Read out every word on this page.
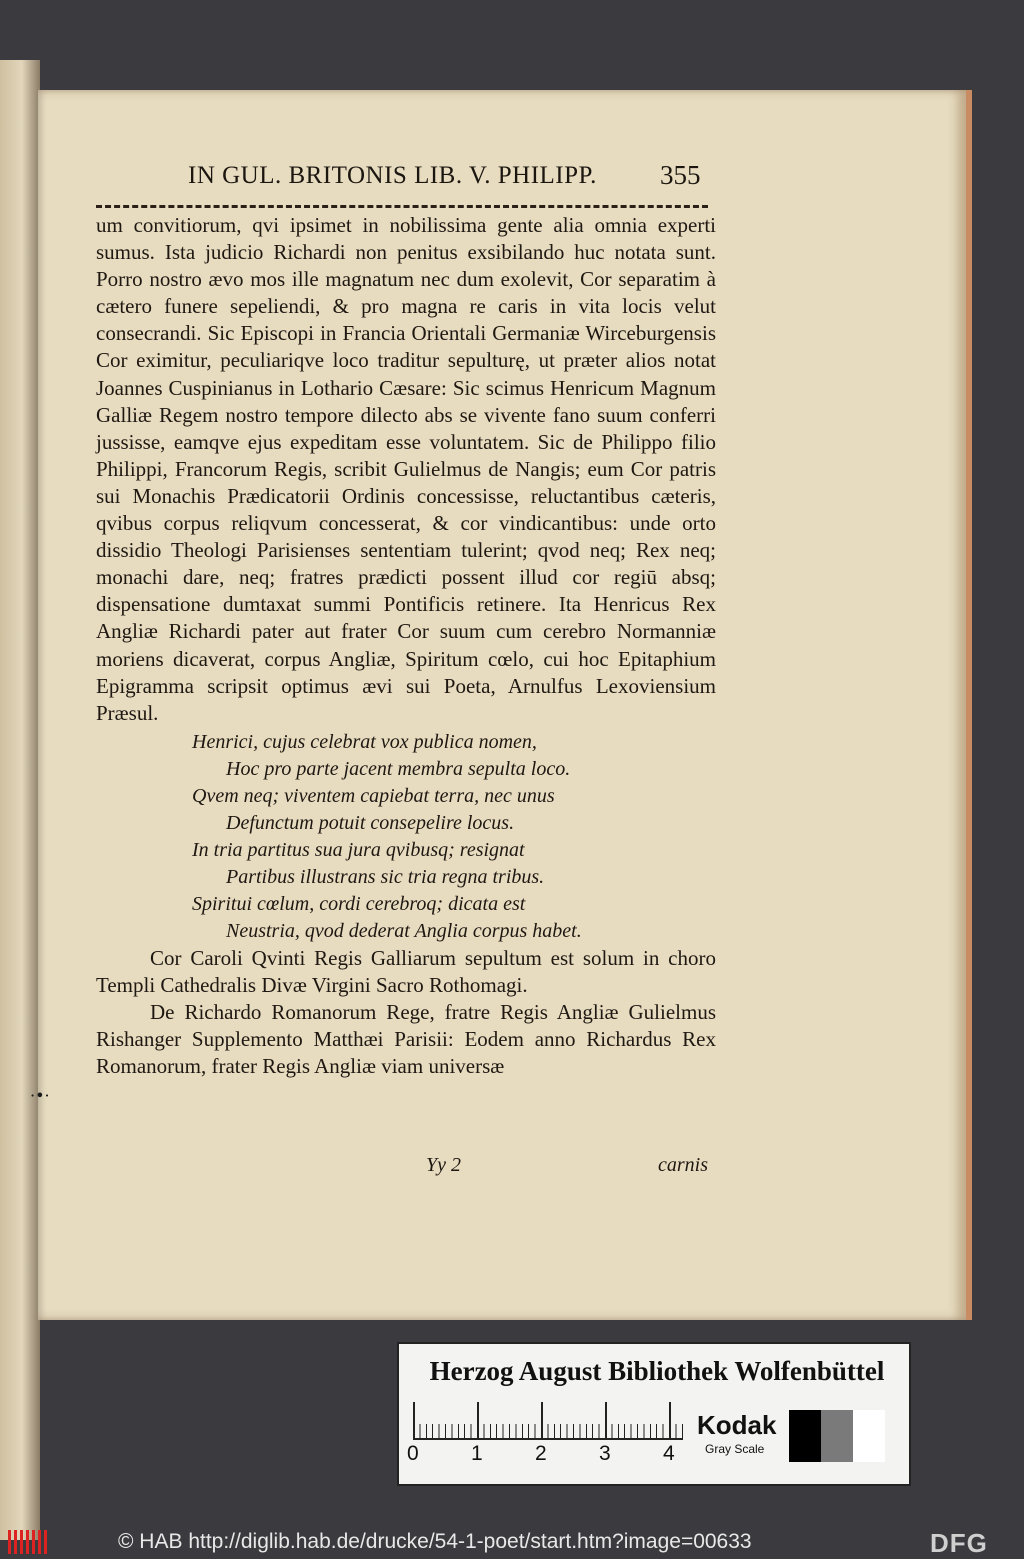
IN GUL. BRITONIS LIB. V. PHILIPP.	355

um convitiorum, qvi ipsimet in nobilissima gente alia omnia experti sumus. Ista judicio Richardi non penitus exsibilando huc notata sunt. Porro nostro ævo mos ille magnatum nec dum exolevit, Cor separatim à cætero funere sepeliendi, & pro magna re caris in vita locis velut consecrandi. Sic Episcopi in Francia Orientali Germaniæ Wirceburgensis Cor eximitur, peculiariqve loco traditur sepulturę, ut præter alios notat Joannes Cuspinianus in Lothario Cæsare: Sic scimus Henricum Magnum Galliæ Regem nostro tempore dilecto abs se vivente fano suum conferri jussisse, eamqve ejus expeditam esse voluntatem. Sic de Philippo filio Philippi, Francorum Regis, scribit Gulielmus de Nangis; eum Cor patris sui Monachis Prædicatorii Ordinis concessisse, reluctantibus cæteris, qvibus corpus reliqvum concesserat, & cor vindicantibus: unde orto dissidio Theologi Parisienses sententiam tulerint; qvod neq; Rex neq; monachi dare, neq; fratres prædicti possent illud cor regiū absq; dispensatione dumtaxat summi Pontificis retinere. Ita Henricus Rex Angliæ Richardi pater aut frater Cor suum cum cerebro Normanniæ moriens dicaverat, corpus Angliæ, Spiritum cœlo, cui hoc Epitaphium Epigramma scripsit optimus ævi sui Poeta, Arnulfus Lexoviensium Præsul.

Henrici, cujus celebrat vox publica nomen,
Hoc pro parte jacent membra sepulta loco.
Qvem neq; viventem capiebat terra, nec unus
Defunctum potuit consepelire locus.
In tria partitus sua jura qvibusq; resignat
Partibus illustrans sic tria regna tribus.
Spiritui cœlum, cordi cerebroq; dicata est
Neustria, qvod dederat Anglia corpus habet.

Cor Caroli Qvinti Regis Galliarum sepultum est solum in choro Templi Cathedralis Divæ Virgini Sacro Rothomagi.

De Richardo Romanorum Rege, fratre Regis Angliæ Gulielmus Rishanger Supplemento Matthæi Parisii: Eodem anno Richardus Rex Romanorum, frater Regis Angliæ viam universæ

Yy 2	carnis
·•·
Herzog August Bibliothek Wolfenbüttel
0 1 2 3 4
Kodak
Gray Scale
© HAB http://diglib.hab.de/drucke/54-1-poet/start.htm?image=00633	DFG
